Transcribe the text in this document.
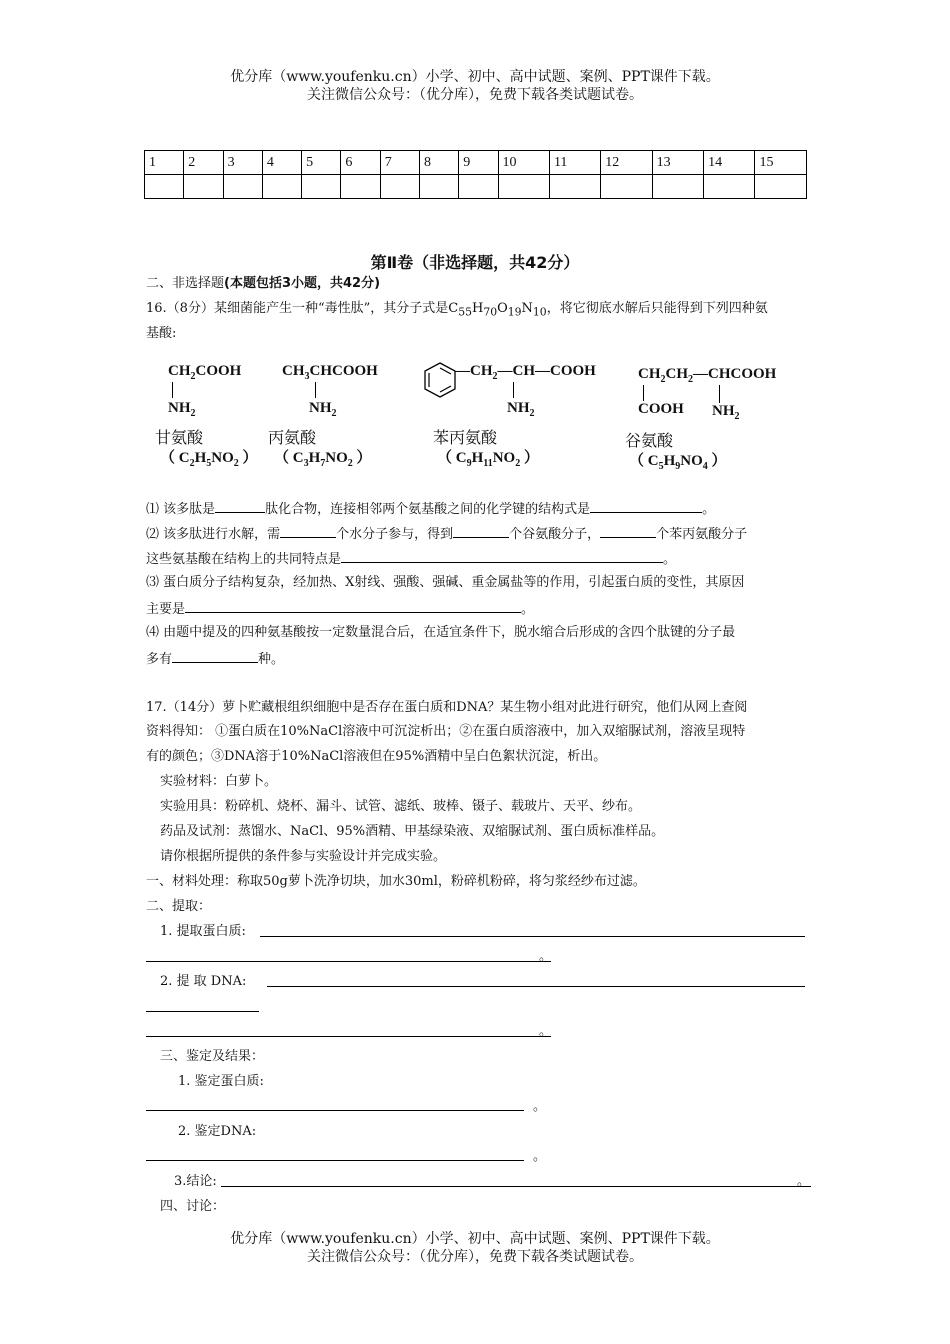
优分库（www.youfenku.cn）小学、初中、高中试题、案例、PPT课件下载。
关注微信公众号：（优分库），免费下载各类试题试卷。
1	2	3	4	5	6	7	8	9	10	11	12	13	14	15

第Ⅱ卷（非选择题，共42分）
二、非选择题(本题包括3小题，共42分)
16.（8分）某细菌能产生一种“毒性肽”，其分子式是$C_{55}H_{70}O_{19}N_{10}$，将它彻底水解后只能得到下列四种氨
基酸:
$CH_2COOH$
$NH_2$
甘氨酸
（ $C_2H_5NO_2$ ）
$CH_3CHCOOH$
$NH_2$
丙氨酸
（ $C_3H_7NO_2$ ）
$—CH_2—CH—COOH$
$NH_2$
苯丙氨酸
（ $C_9H_{11}NO_2$ ）
$CH_2CH_2—CHCOOH$
COOH $NH_2$
谷氨酸
（ $C_5H_9NO_4$ ）
⑴ 该多肽是	肽化合物，连接相邻两个氨基酸之间的化学键的结构式是	。
⑵ 该多肽进行水解，需	个水分子参与，得到	个谷氨酸分子，	个苯丙氨酸分子
这些氨基酸在结构上的共同特点是	。
⑶ 蛋白质分子结构复杂，经加热、X射线、强酸、强碱、重金属盐等的作用，引起蛋白质的变性，其原因
主要是	。
⑷ 由题中提及的四种氨基酸按一定数量混合后，在适宜条件下，脱水缩合后形成的含四个肽键的分子最
多有	种。
17.（14分）萝卜贮藏根组织细胞中是否存在蛋白质和DNA？某生物小组对此进行研究，他们从网上查阅
资料得知： ①蛋白质在10%NaCl溶液中可沉淀析出；②在蛋白质溶液中，加入双缩脲试剂，溶液呈现特
有的颜色；③DNA溶于10%NaCl溶液但在95%酒精中呈白色絮状沉淀，析出。
实验材料：白萝卜。
实验用具：粉碎机、烧杯、漏斗、试管、滤纸、玻棒、镊子、载玻片、天平、纱布。
药品及试剂：蒸馏水、NaCl、95%酒精、甲基绿染液、双缩脲试剂、蛋白质标准样品。
请你根据所提供的条件参与实验设计并完成实验。
一、材料处理：称取50g萝卜洗净切块，加水30ml，粉碎机粉碎，将匀浆经纱布过滤。
二、提取：
1. 提取蛋白质:
。
2. 提 取 DNA:
。
三、鉴定及结果：
1. 鉴定蛋白质:
。
2. 鉴定DNA:
。
3.结论:	。
四、讨论：
优分库（www.youfenku.cn）小学、初中、高中试题、案例、PPT课件下载。
关注微信公众号：（优分库），免费下载各类试题试卷。
